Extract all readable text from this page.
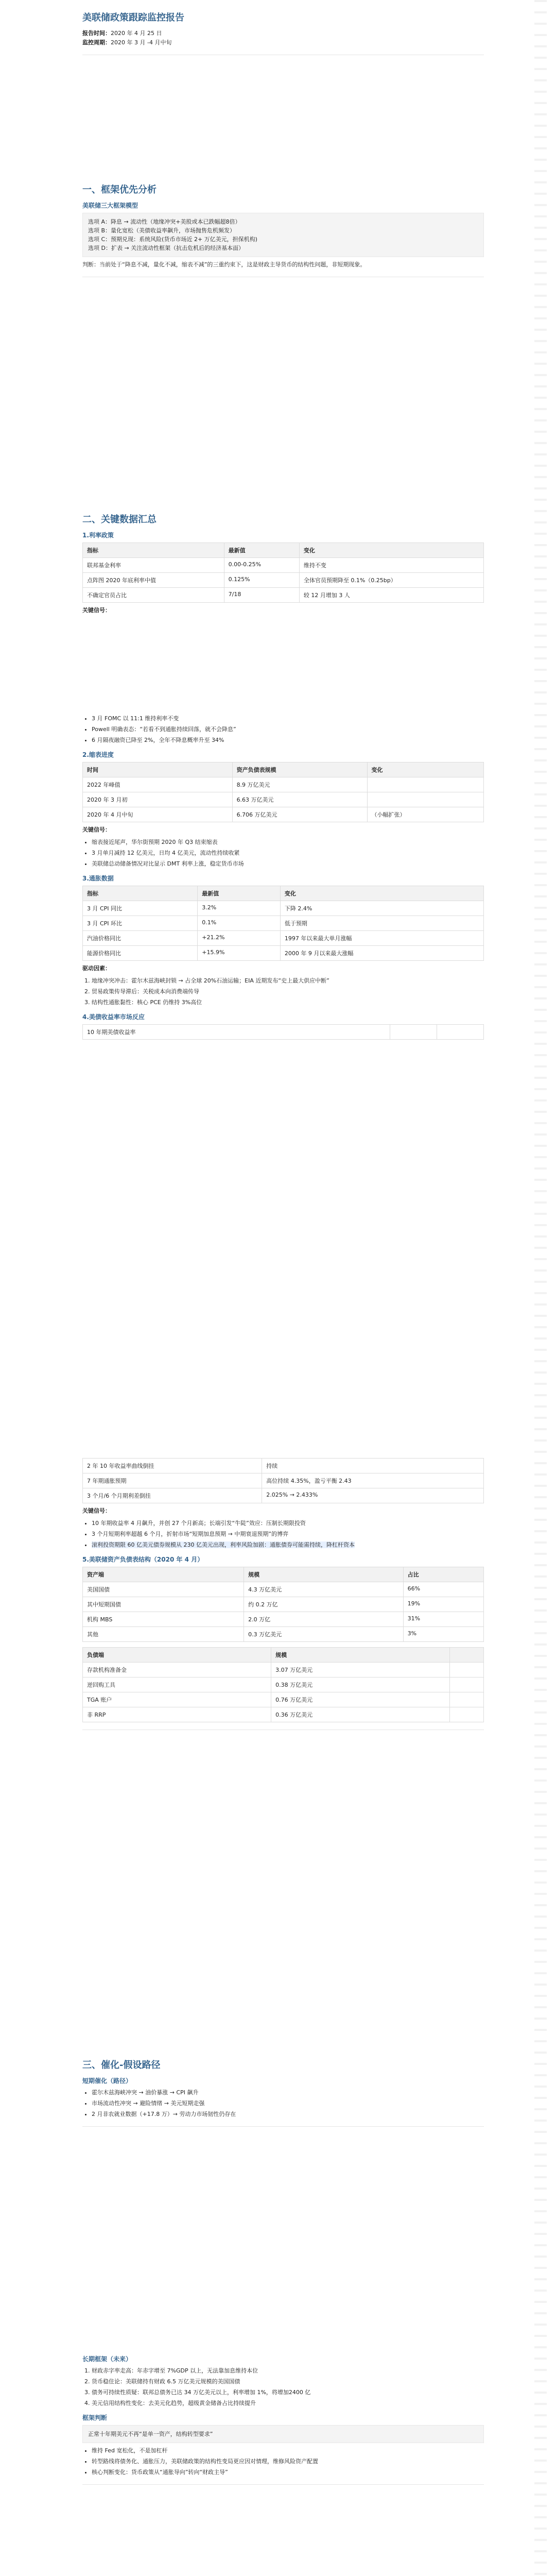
美联储政策跟踪监控报告
报告时间：2020 年 4 月 25 日
监控周期：2020 年 3 月 -4 月中旬
一、框架优先分析
美联储三大框架模型
选项 A：降息 → 流动性（地缘冲突+美股或本已跌幅超8倍）
选项 B：量化宽松（美债收益率飙升，市场抛售危机频发）
选项 C：预期兑现：系统风险(货币市场近 2+ 万亿美元，担保机构)
选项 D：扩表 → 关注流动性框架（抗击危机后的经济基本面）
判断：当前处于“降息不减，量化不减，缩表不减”的三重约束下，这是财政主导货币的结构性问题，非短期现象。
二、关键数据汇总
1.利率政策
指标	最新值	变化
联邦基金利率	0.00-0.25%	维持不变
点阵图 2020 年底利率中值	0.125%	全体官员预期降至 0.1%（0.25bp）
不确定官员占比	7/18	较 12 月增加 3 人
关键信号：
• 3 月 FOMC 以 11:1 维持利率不变
• Powell 明确表态：“若看不到通胀持续回落，就不会降息”
• 6 月隔夜融资已降至 2%，全年不降息概率升至 34%
2.缩表进度
时间	资产负债表规模	变化
2022 年峰值	8.9 万亿美元	
2020 年 3 月初	6.63 万亿美元	
2020 年 4 月中旬	6.706 万亿美元	（小幅扩张）
关键信号：
• 缩表接近尾声，华尔街预期 2020 年 Q3 结束缩表
• 3 月单月减持 12 亿美元，日均 4 亿美元，流动性持续收紧
• 美联储总动储备情况对比显示 DMT 利率上涨，稳定货币市场
3.通胀数据
指标	最新值	变化
3 月 CPI 同比	3.2%	下降 2.4%
3 月 CPI 环比	0.1%	低于预期
汽油价格同比	+21.2%	1997 年以来最大单月涨幅
能源价格同比	+15.9%	2000 年 9 月以来最大涨幅
驱动因素：
1. 地缘冲突冲击：霍尔木兹海峡封锁 → 占全球 20%石油运输；EIA 近期发布“史上最大供应中断”
2. 贸易政策传导滞后：关税成本向消费端传导
3. 结构性通胀黏性：核心 PCE 仍维持 3%高位
4.美债收益率市场反应
10 年期美债收益率		
2 年 10 年收益率曲线倒挂	持续
7 年期通胀预期	高位持续 4.35%，盈亏平衡 2.43
3 个月/6 个月期利差倒挂	2.025% → 2.433%
关键信号：
• 10 年期收益率 4 月飙升，并创 27 个月新高；长端引发“牛陡”效应：压制长期限投资
• 3 个月短期利率超越 6 个月，折射市场“短期加息预期 → 中期衰退预期”的博弈
• 滚利投资期限 60 亿美元债券规模从 230 亿美元出现，利率风险加剧：通胀债券可能需持续，降杠杆资本
5.美联储资产负债表结构（2020 年 4 月）
资产端	规模	占比
美国国债	4.3 万亿美元	66%
其中短期国债	约 0.2 万亿	19%
机构 MBS	2.0 万亿	31%
其他	0.3 万亿美元	3%
负债端	规模	
存款机构准备金	3.07 万亿美元	
逆回购工具	0.38 万亿美元	
TGA 账户	0.76 万亿美元	
非 RRP	0.36 万亿美元	
三、催化-假设路径
短期催化（路径）
• 霍尔木兹海峡冲突 → 油价暴涨 → CPI 飙升
• 市场流动性冲突 → 避险情绪 → 美元短期走强
• 2 月非农就业数据（+17.8 万）→ 劳动力市场韧性仍存在
长期框架（未来）
1. 财政赤字率走高：年赤字增至 7%GDP 以上，无法靠加息维持本位
2. 货币稳住论：美联储持有财政 6.5 万亿美元规模的美国国债
3. 债务可持续性质疑：联邦总债务已达 34 万亿美元以上，利率增加 1%，将增加2400 亿
4. 美元信用结构性变化：去美元化趋势，超级黄金储备占比持续提升
框架判断
正常十年期美元不再“是单一资产，结构转型要求”
• 维持 Fed 宽松化，不是加杠杆
• 转型路线将债务化、通胀压力，美联储政策的结构性变局更应因对情理，维修风险资产配置
• 核心判断变化：货币政策从“通胀导向”转向“财政主导”
